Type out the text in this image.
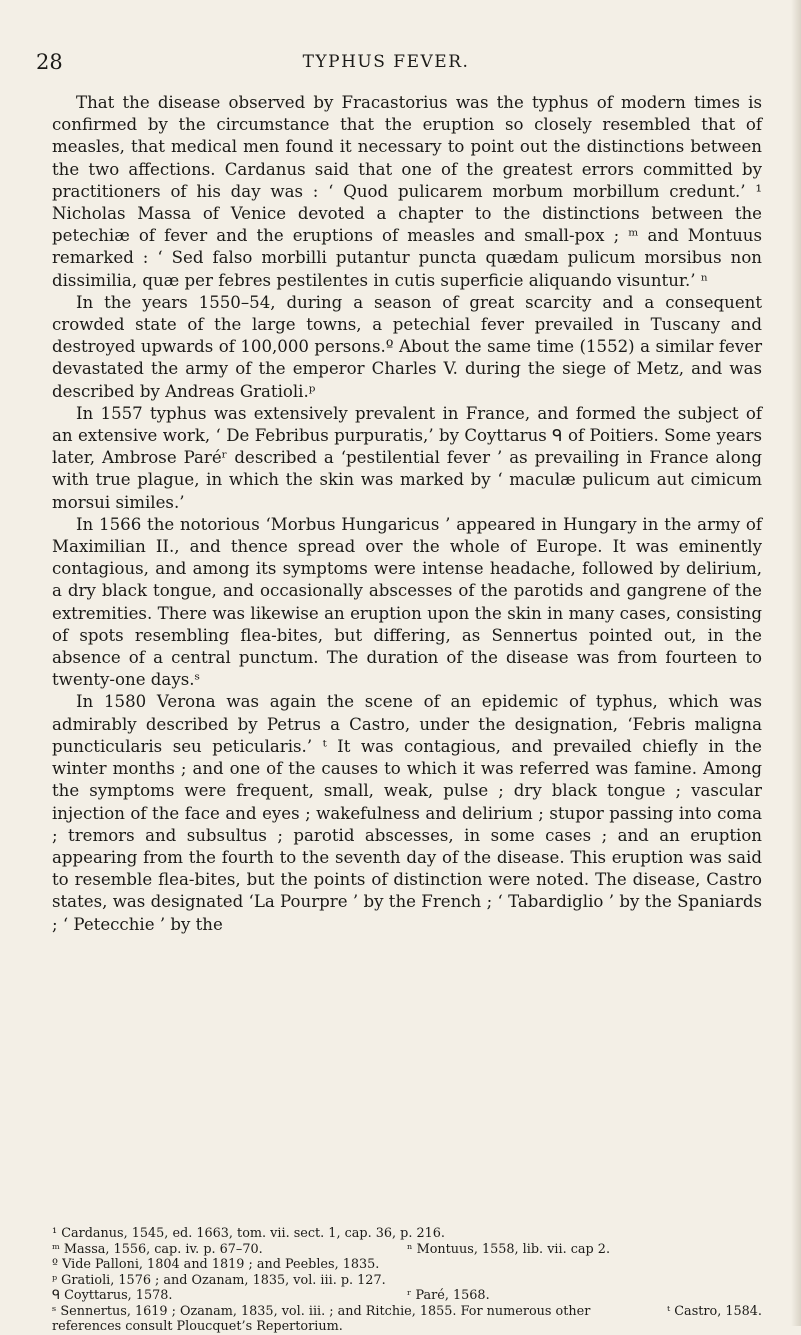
28	TYPHUS FEVER.

That the disease observed by Fracastorius was the typhus of modern times is confirmed by the circumstance that the eruption so closely resembled that of measles, that medical men found it necessary to point out the distinctions between the two affections. Cardanus said that one of the greatest errors committed by practitioners of his day was : ‘ Quod pulicarem morbum morbillum credunt.’ ¹ Nicholas Massa of Venice devoted a chapter to the distinctions between the petechiæ of fever and the eruptions of measles and small-pox ; ᵐ and Montuus remarked : ‘ Sed falso morbilli putantur puncta quædam pulicum morsibus non dissimilia, quæ per febres pestilentes in cutis superficie aliquando visuntur.’ ⁿ

In the years 1550–54, during a season of great scarcity and a consequent crowded state of the large towns, a petechial fever prevailed in Tuscany and destroyed upwards of 100,000 persons.º About the same time (1552) a similar fever devastated the army of the emperor Charles V. during the siege of Metz, and was described by Andreas Gratioli.ᵖ

In 1557 typhus was extensively prevalent in France, and formed the subject of an extensive work, ‘ De Febribus purpuratis,’ by Coyttarus ᑫ of Poitiers. Some years later, Ambrose Paréʳ described a ‘pestilential fever ’ as prevailing in France along with true plague, in which the skin was marked by ‘ maculæ pulicum aut cimicum morsui similes.’

In 1566 the notorious ‘Morbus Hungaricus ’ appeared in Hungary in the army of Maximilian II., and thence spread over the whole of Europe. It was eminently contagious, and among its symptoms were intense headache, followed by delirium, a dry black tongue, and occasionally abscesses of the parotids and gangrene of the extremities. There was likewise an eruption upon the skin in many cases, consisting of spots resembling flea-bites, but differing, as Sennertus pointed out, in the absence of a central punctum. The duration of the disease was from fourteen to twenty-one days.ˢ

In 1580 Verona was again the scene of an epidemic of typhus, which was admirably described by Petrus a Castro, under the designation, ‘Febris maligna puncticularis seu peticularis.’ ᵗ It was contagious, and prevailed chiefly in the winter months ; and one of the causes to which it was referred was famine. Among the symptoms were frequent, small, weak, pulse ; dry black tongue ; vascular injection of the face and eyes ; wakefulness and delirium ; stupor passing into coma ; tremors and subsultus ; parotid abscesses, in some cases ; and an eruption appearing from the fourth to the seventh day of the disease. This eruption was said to resemble flea-bites, but the points of distinction were noted. The disease, Castro states, was designated ‘La Pourpre ’ by the French ; ‘ Tabardiglio ’ by the Spaniards ; ‘ Petecchie ’ by the

¹ Cardanus, 1545, ed. 1663, tom. vii. sect. 1, cap. 36, p. 216.

ᵐ Massa, 1556, cap. iv. p. 67–70.	ⁿ Montuus, 1558, lib. vii. cap 2.

º Vide Palloni, 1804 and 1819 ; and Peebles, 1835.

ᵖ Gratioli, 1576 ; and Ozanam, 1835, vol. iii. p. 127.

ᑫ Coyttarus, 1578.	ʳ Paré, 1568.
ˢ Sennertus, 1619 ; Ozanam, 1835, vol. iii. ; and Ritchie, 1855. For numerous other references consult Ploucquet’s Repertorium.
ᵗ Castro, 1584.
